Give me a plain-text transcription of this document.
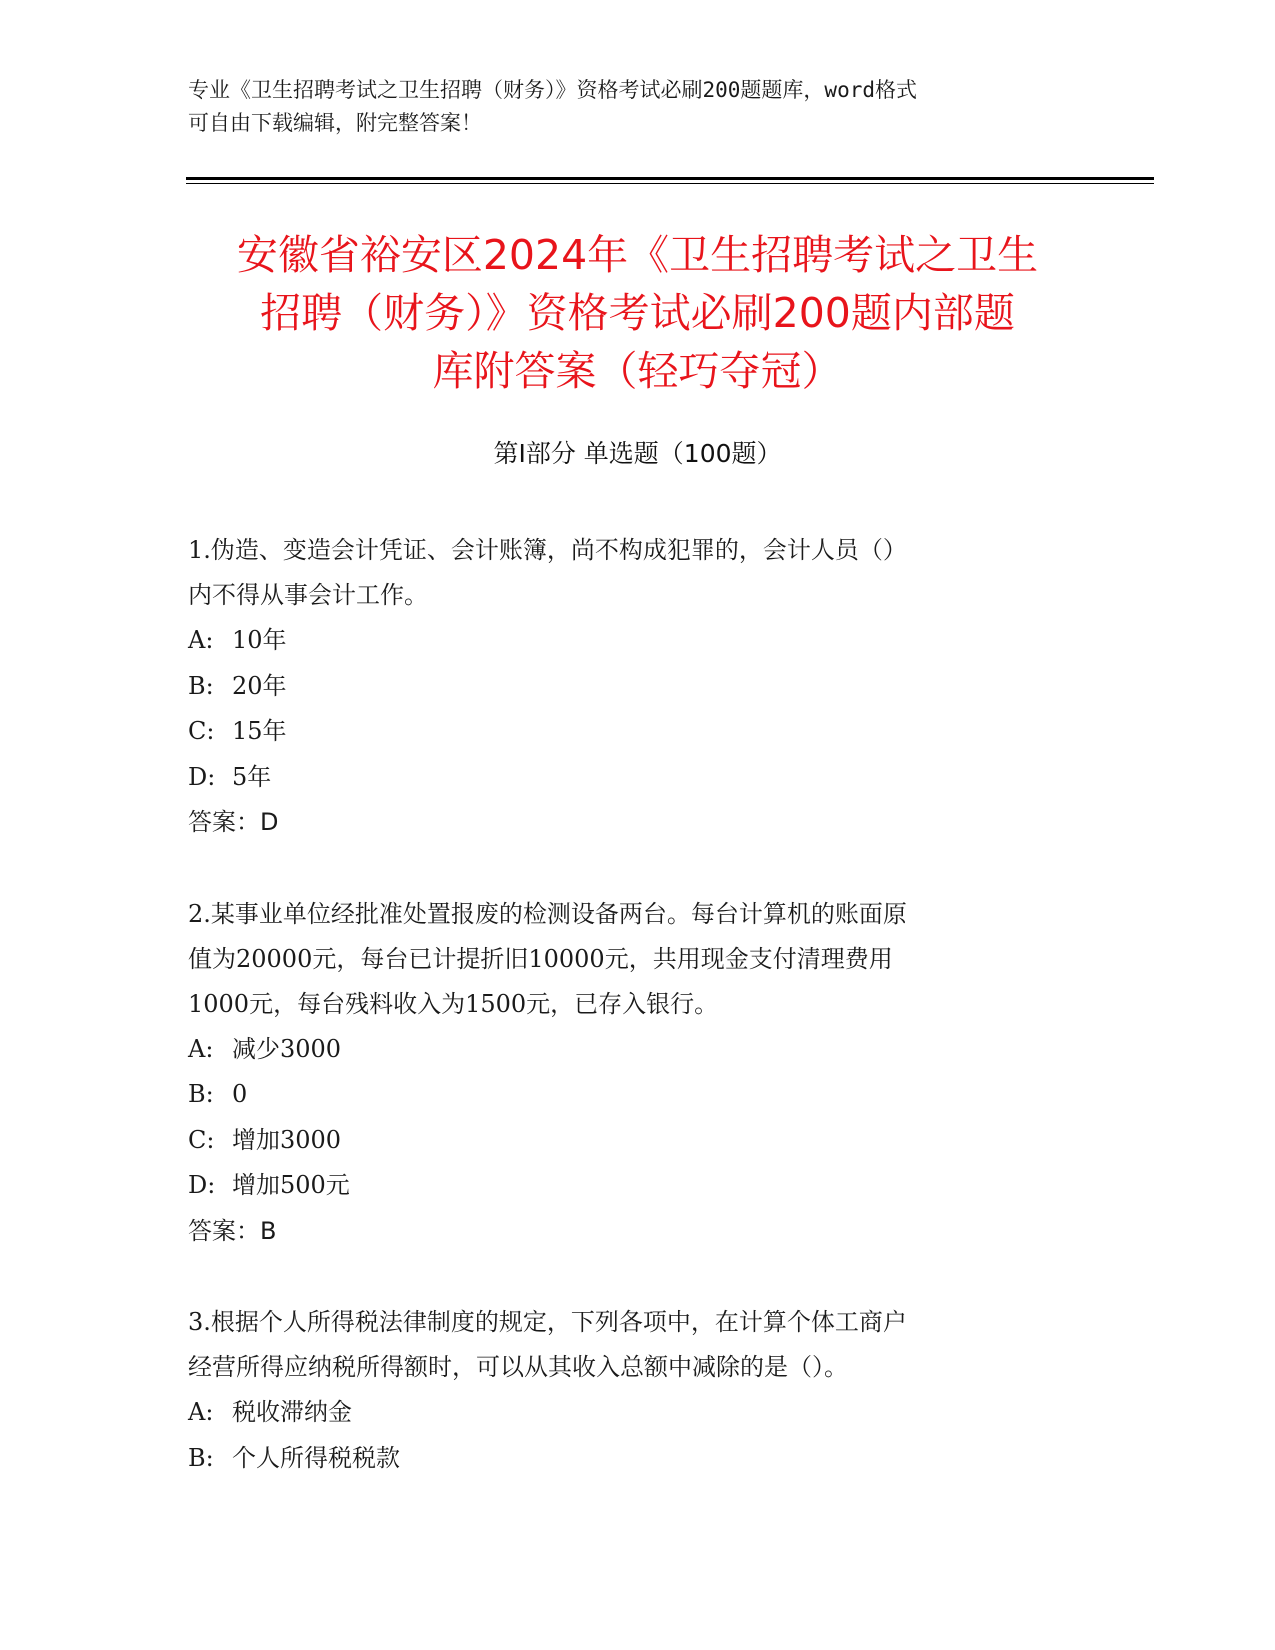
专业《卫生招聘考试之卫生招聘（财务）》资格考试必刷200题题库，word格式
可自由下载编辑，附完整答案！
安徽省裕安区2024年《卫生招聘考试之卫生
招聘（财务）》资格考试必刷200题内部题
库附答案（轻巧夺冠）
第Ⅰ部分 单选题（100题）
1.伪造、变造会计凭证、会计账簿，尚不构成犯罪的，会计人员（）
内不得从事会计工作。
A: 10年
B: 20年
C: 15年
D: 5年
答案：D
2.某事业单位经批准处置报废的检测设备两台。每台计算机的账面原
值为20000元，每台已计提折旧10000元，共用现金支付清理费用
1000元，每台残料收入为1500元，已存入银行。
A: 减少3000
B: 0
C: 增加3000
D: 增加500元
答案：B
3.根据个人所得税法律制度的规定，下列各项中，在计算个体工商户
经营所得应纳税所得额时，可以从其收入总额中减除的是（）。
A: 税收滞纳金
B: 个人所得税税款
